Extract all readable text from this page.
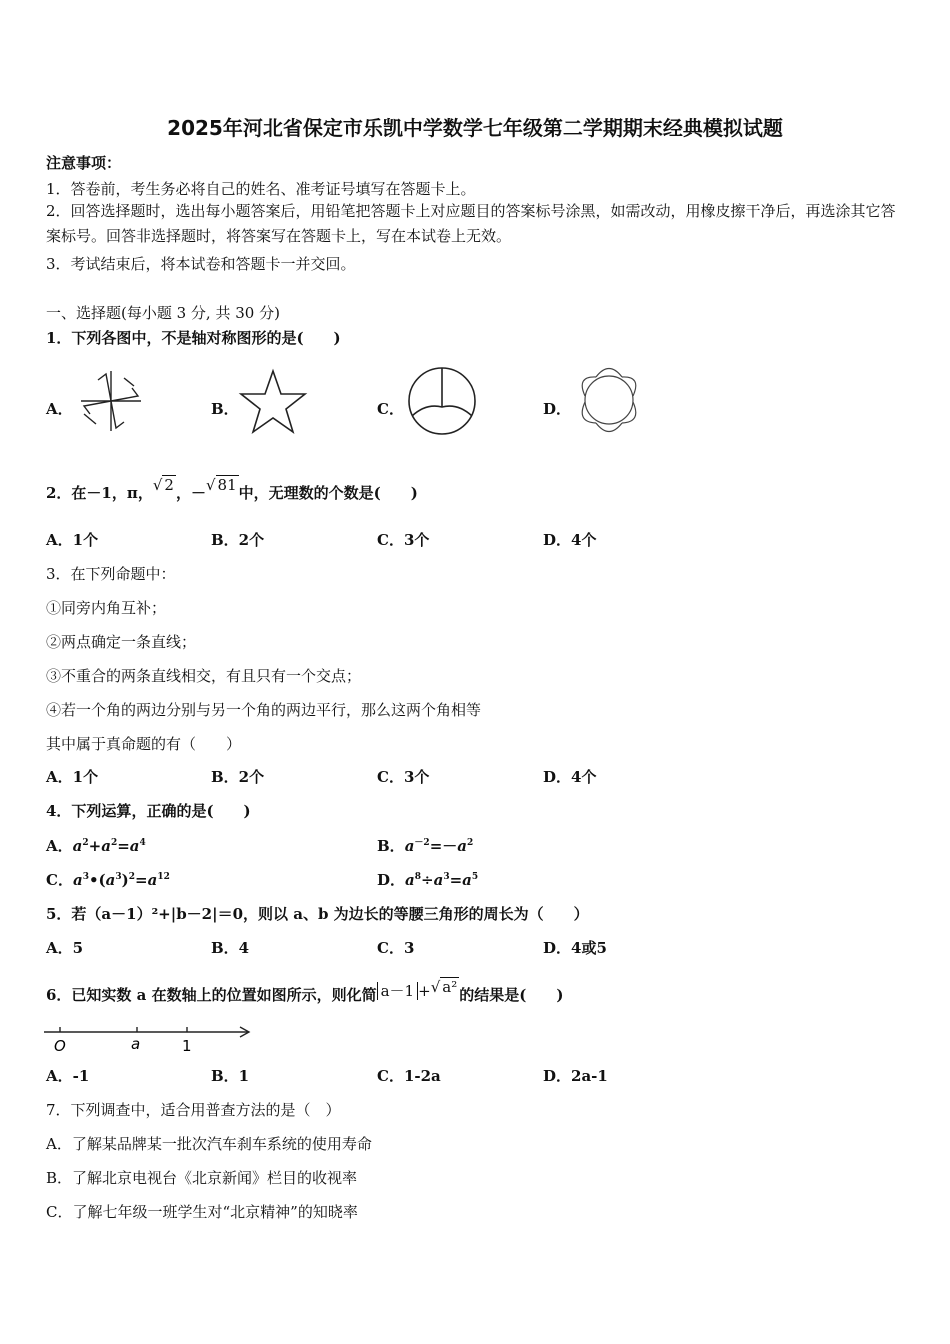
2025年河北省保定市乐凯中学数学七年级第二学期期末经典模拟试题
注意事项：
1．答卷前，考生务必将自己的姓名、准考证号填写在答题卡上。
2．回答选择题时，选出每小题答案后，用铅笔把答题卡上对应题目的答案标号涂黑，如需改动，用橡皮擦干净后，再选涂其它答案标号。回答非选择题时，将答案写在答题卡上，写在本试卷上无效。
3．考试结束后，将本试卷和答题卡一并交回。
一、选择题(每小题 3 分, 共 30 分)
1．下列各图中，不是轴对称图形的是(　　)
A．	B．	C．	D．
2．在－1，π，√ 2 ，－√ 81 中，无理数的个数是(　　)
A．1个	B．2个	C．3个	D．4个
3．在下列命题中：
①同旁内角互补；
②两点确定一条直线；
③不重合的两条直线相交，有且只有一个交点；
④若一个角的两边分别与另一个角的两边平行，那么这两个角相等
其中属于真命题的有（　　）
A．1个	B．2个	C．3个	D．4个
4．下列运算，正确的是(　　)
A．$a^2+a^2=a^4$	B．$a^{-2}=-a^2$
C．$a^3•(a^3)^2=a^{12}$	D．$a^8\div a^3=a^5$
5．若（a－1）²+|b－2|＝0，则以 a、b 为边长的等腰三角形的周长为（　　）
A．5	B．4	C．3	D．4或5
6．已知实数 a 在数轴上的位置如图所示，则化简 a－1 +√ a² 的结果是(　　)
O	a	1
A．-1	B．1	C．1-2a	D．2a-1
7．下列调查中，适合用普查方法的是（　）
A．了解某品牌某一批次汽车刹车系统的使用寿命
B．了解北京电视台《北京新闻》栏目的收视率
C．了解七年级一班学生对“北京精神”的知晓率
